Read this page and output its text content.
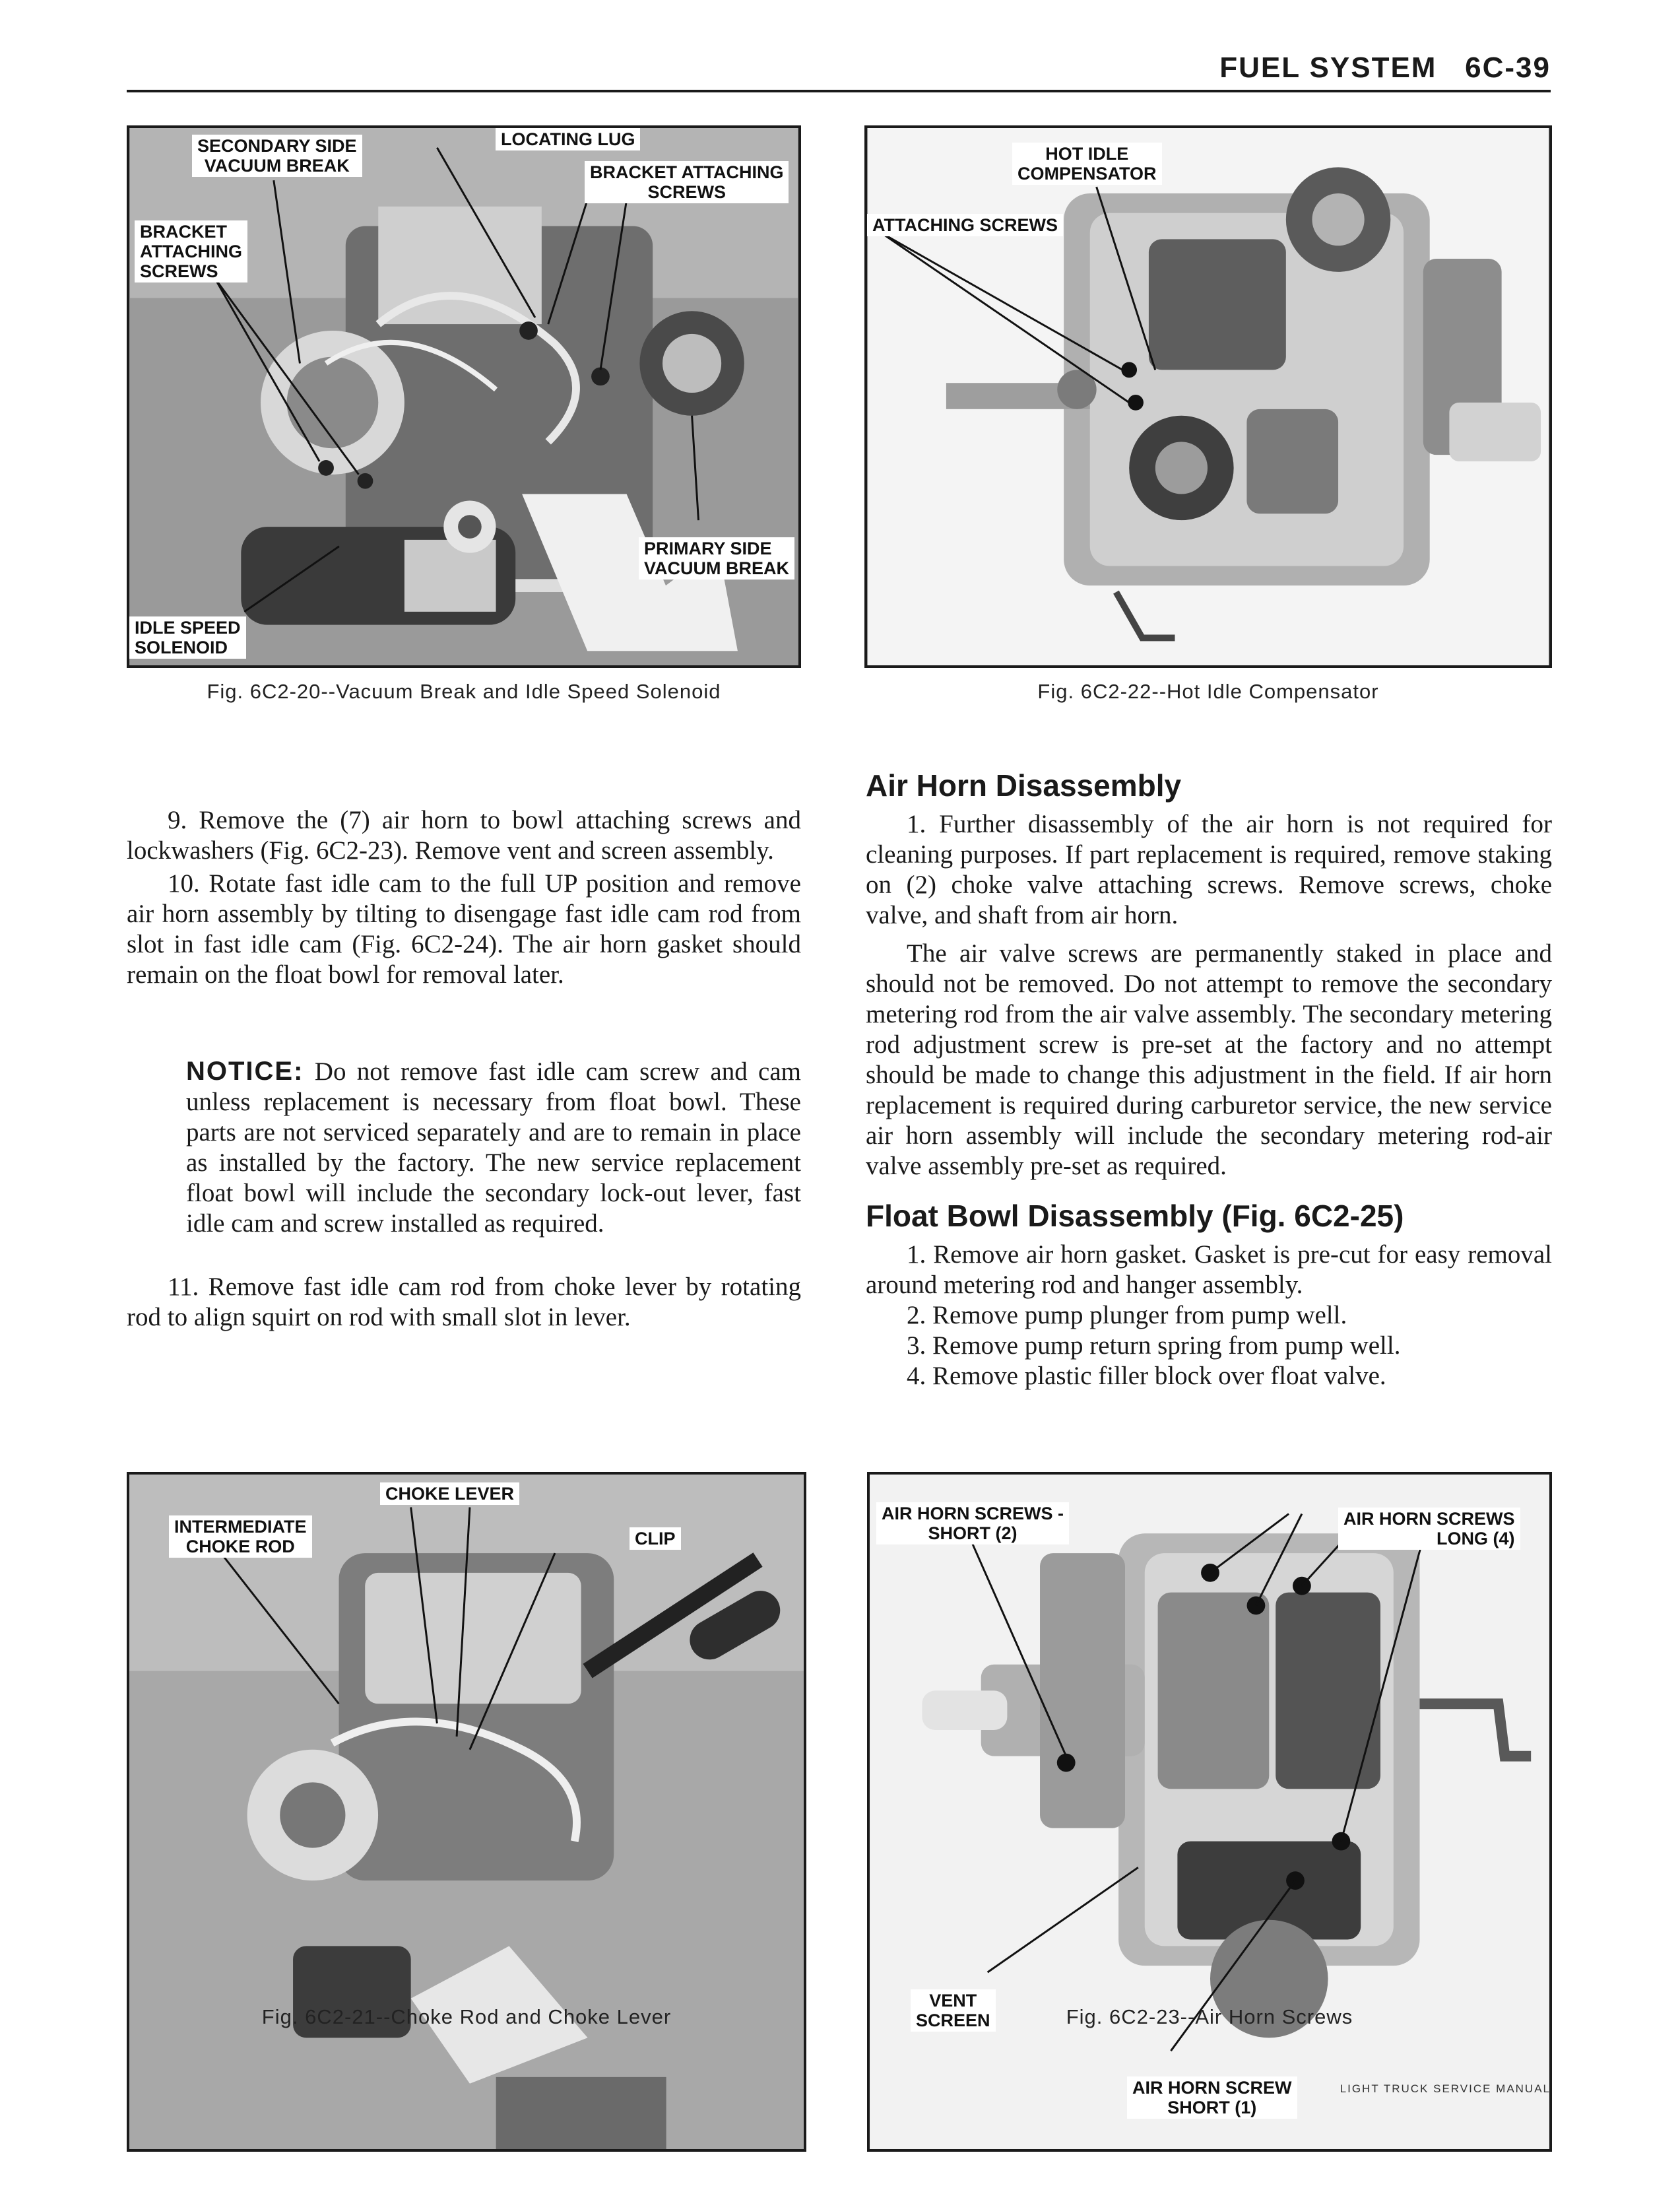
FUEL SYSTEM 6C-39
SECONDARY SIDE
VACUUM BREAK
LOCATING LUG
BRACKET ATTACHING
SCREWS
BRACKET
ATTACHING
SCREWS
PRIMARY SIDE
VACUUM BREAK
IDLE SPEED
SOLENOID
Fig. 6C2-20--Vacuum Break and Idle Speed Solenoid
HOT IDLE
COMPENSATOR
ATTACHING SCREWS
Fig. 6C2-22--Hot Idle Compensator

9. Remove the (7) air horn to bowl attaching screws and lockwashers (Fig. 6C2-23). Remove vent and screen assembly.

10. Rotate fast idle cam to the full UP position and remove air horn assembly by tilting to disengage fast idle cam rod from slot in fast idle cam (Fig. 6C2-24). The air horn gasket should remain on the float bowl for removal later.

NOTICE: Do not remove fast idle cam screw and cam unless replacement is necessary from float bowl. These parts are not serviced separately and are to remain in place as installed by the factory. The new service replacement float bowl will include the secondary lock-out lever, fast idle cam and screw installed as required.

11. Remove fast idle cam rod from choke lever by rotating rod to align squirt on rod with small slot in lever.

Air Horn Disassembly

1. Further disassembly of the air horn is not required for cleaning purposes. If part replacement is required, remove staking on (2) choke valve attaching screws. Remove screws, choke valve, and shaft from air horn.

The air valve screws are permanently staked in place and should not be removed. Do not attempt to remove the secondary metering rod from the air valve assembly. The secondary metering rod adjustment screw is pre-set at the factory and no attempt should be made to change this adjustment in the field. If air horn replacement is required during carburetor service, the new service air horn assembly will include the secondary metering rod-air valve assembly pre-set as required.

Float Bowl Disassembly (Fig. 6C2-25)

1. Remove air horn gasket. Gasket is pre-cut for easy removal around metering rod and hanger assembly.

2. Remove pump plunger from pump well.

3. Remove pump return spring from pump well.

4. Remove plastic filler block over float valve.

CHOKE LEVER
INTERMEDIATE
CHOKE ROD	CLIP
Fig. 6C2-21--Choke Rod and Choke Lever
AIR HORN SCREWS -
SHORT (2)
AIR HORN SCREWS
LONG (4)
VENT
SCREEN
AIR HORN SCREW
SHORT (1)
Fig. 6C2-23--Air Horn Screws
LIGHT TRUCK SERVICE MANUAL
